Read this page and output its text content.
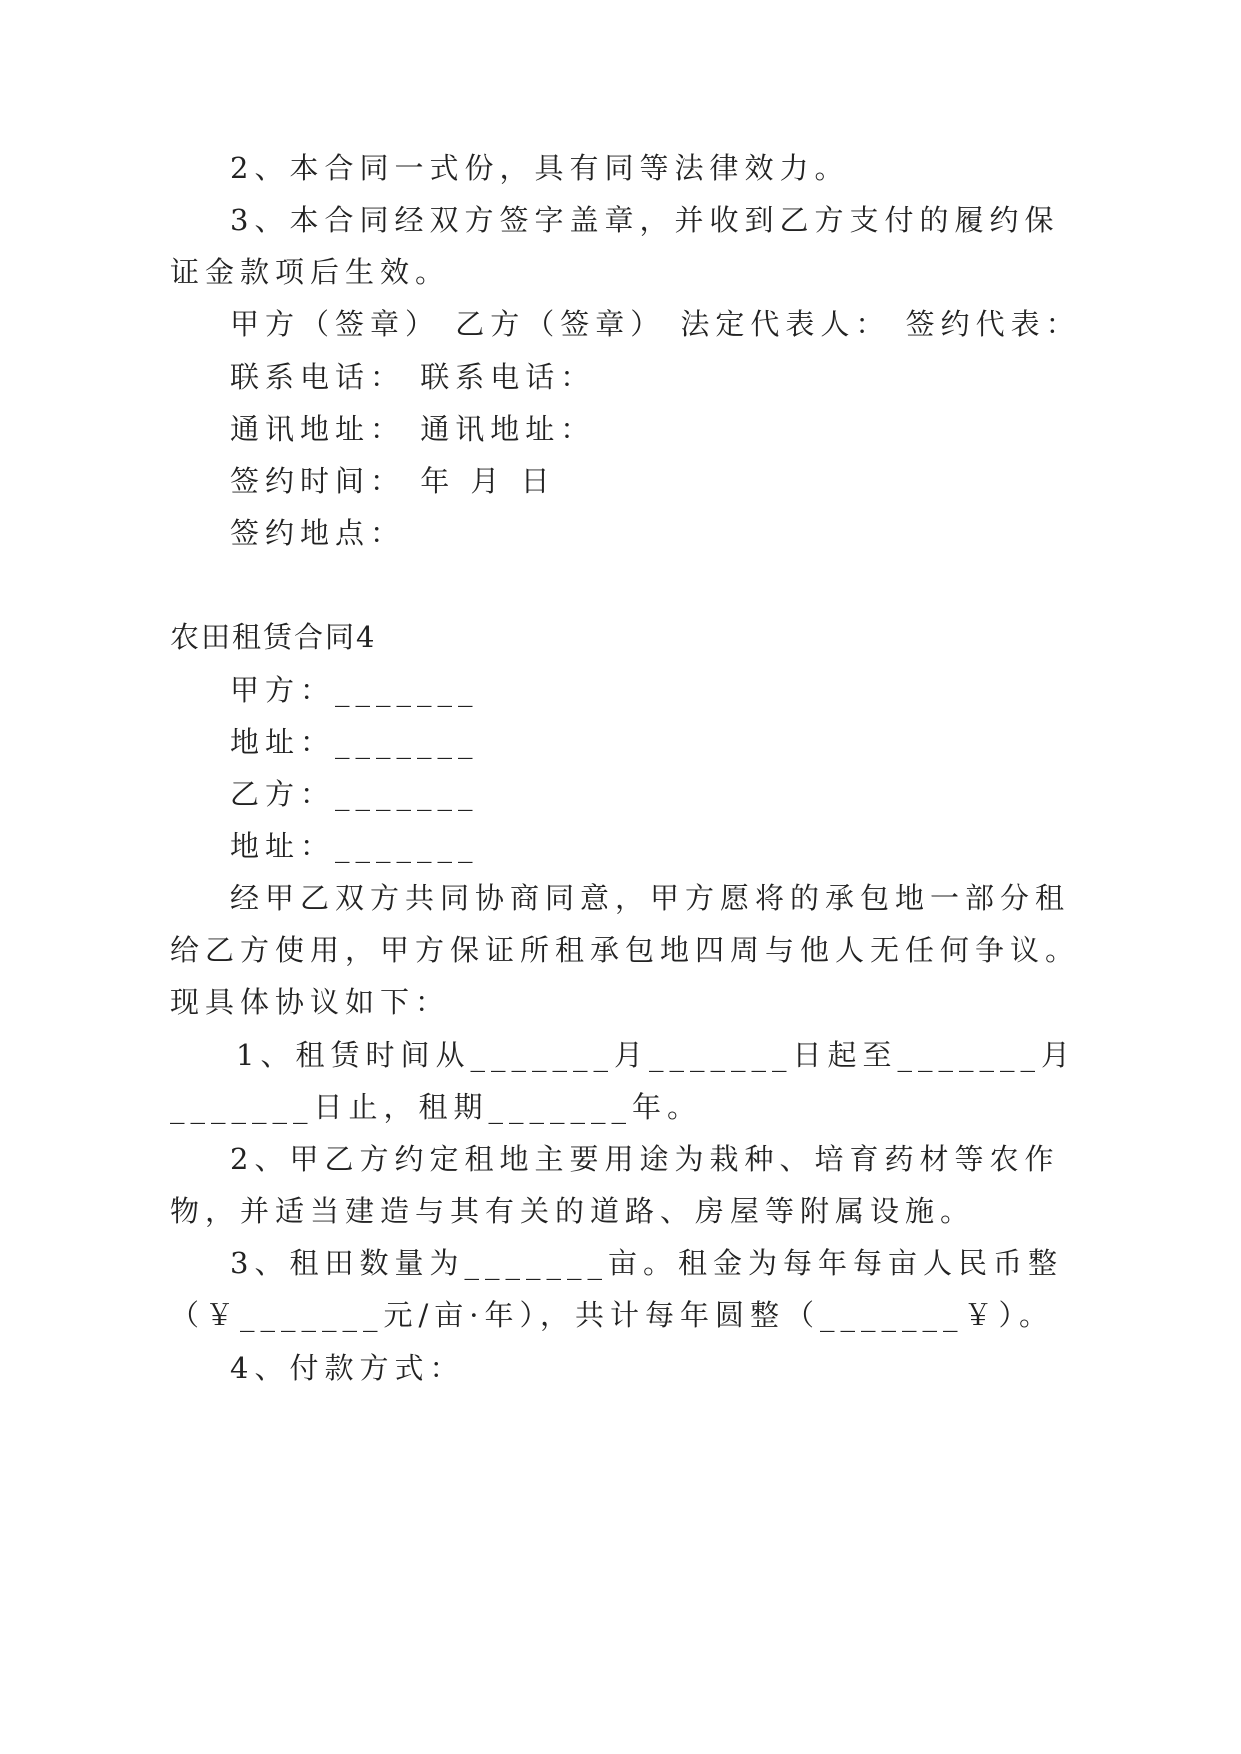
2、本合同一式份，具有同等法律效力。
3、本合同经双方签字盖章，并收到乙方支付的履约保
证金款项后生效。
甲方（签章） 乙方（签章） 法定代表人： 签约代表：
联系电话： 联系电话：
通讯地址： 通讯地址：
签约时间： 年 月 日
签约地点：
农田租赁合同4
甲方：_______
地址：_______
乙方：_______
地址：_______
经甲乙双方共同协商同意，甲方愿将的承包地一部分租
给乙方使用，甲方保证所租承包地四周与他人无任何争议。
现具体协议如下：
1、租赁时间从_______月_______日起至_______月
_______日止，租期_______年。
2、甲乙方约定租地主要用途为栽种、培育药材等农作
物，并适当建造与其有关的道路、房屋等附属设施。
3、租田数量为_______亩。租金为每年每亩人民币整
（￥_______元/亩·年），共计每年圆整（_______￥）。
4、付款方式：
